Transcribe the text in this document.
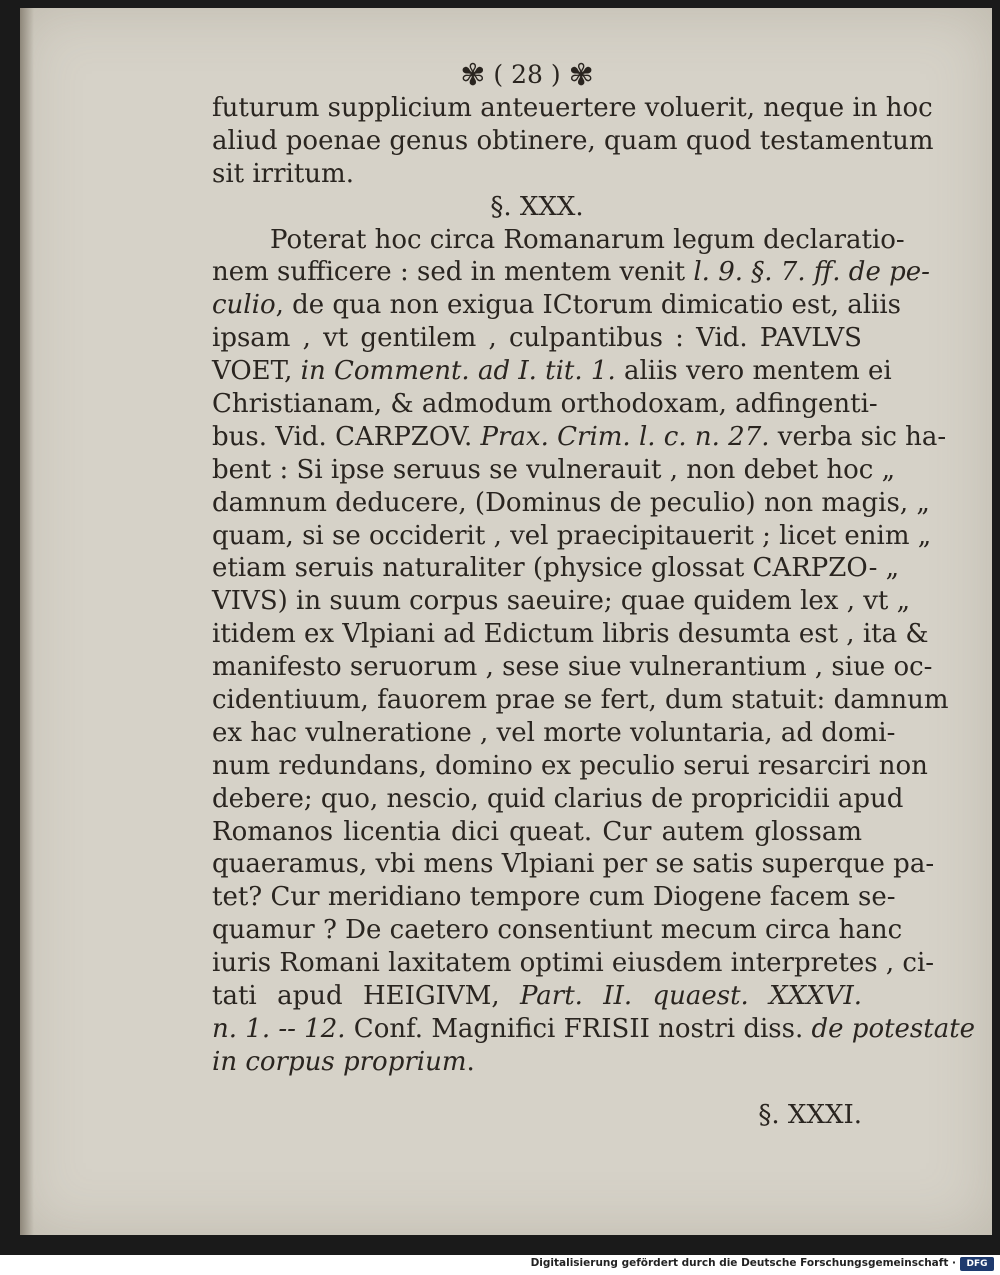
✾ ( 28 ) ✾
futurum supplicium anteuertere voluerit, neque in hoc
aliud poenae genus obtinere, quam quod testamentum
sit irritum.
§. XXX.
Poterat hoc circa Romanarum legum declaratio-
nem sufficere : sed in mentem venit l. 9. §. 7. ff. de pe-
culio, de qua non exigua ICtorum dimicatio est, aliis
ipsam , vt gentilem , culpantibus : Vid. PAVLVS
VOET, in Comment. ad I. tit. 1. aliis vero mentem ei
Christianam, & admodum orthodoxam, adfingenti-
bus. Vid. CARPZOV. Prax. Crim. l. c. n. 27. verba sic ha-
bent : Si ipse seruus se vulnerauit , non debet hoc „
damnum deducere, (Dominus de peculio) non magis, „
quam, si se occiderit , vel praecipitauerit ; licet enim „
etiam seruis naturaliter (physice glossat CARPZO- „
VIVS) in suum corpus saeuire; quae quidem lex , vt „
itidem ex Vlpiani ad Edictum libris desumta est , ita &
manifesto seruorum , sese siue vulnerantium , siue oc-
cidentiuum, fauorem prae se fert, dum statuit: damnum
ex hac vulneratione , vel morte voluntaria, ad domi-
num redundans, domino ex peculio serui resarciri non
debere; quo, nescio, quid clarius de propricidii apud
Romanos licentia dici queat. Cur autem glossam
quaeramus, vbi mens Vlpiani per se satis superque pa-
tet? Cur meridiano tempore cum Diogene facem se-
quamur ? De caetero consentiunt mecum circa hanc
iuris Romani laxitatem optimi eiusdem interpretes , ci-
tati apud HEIGIVM, Part. II. quaest. XXXVI.
n. 1. -- 12. Conf. Magnifici FRISII nostri diss. de potestate
in corpus proprium.
§. XXXI.
Digitalisierung gefördert durch die Deutsche Forschungsgemeinschaft ·	DFG
